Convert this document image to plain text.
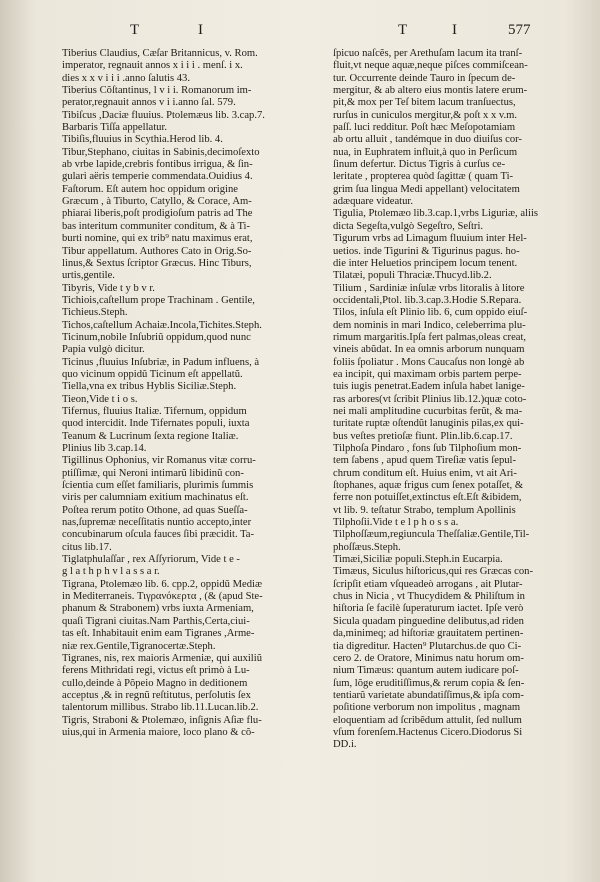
T	I	T	I	577
Tiberius Claudius, Cæſar Britannicus, v. Rom.
imperator, regnauit annos x i i i . menſ. i x.
dies x x v i i i .anno ſalutis 43.
Tiberius Cõſtantinus, l v i i. Romanorum im-
perator,regnauit annos v i i.anno ſal. 579.
Tibiſcus ,Daciæ fluuius. Ptolemæus lib. 3.cap.7.
Barbaris Tiſſa appellatur.
Tibiſis,fluuius in Scythia.Herod lib. 4.
Tibur,Stephano, ciuitas in Sabinis,decimoſexto
ab vrbe lapide,crebris fontibus irrigua, & ſin-
gulari aëris temperie commendata.Ouidius 4.
Faſtorum. Eſt autem hoc oppidum origine
Græcum , à Tiburto, Catyllo, & Corace, Am-
phiarai liberis,poſt prodigioſum patris ad The
bas interitum communiter conditum, & à Ti-
burti nomine, qui ex trib⁹ natu maximus erat,
Tibur appellatum. Authores Cato in Orig.So-
linus,& Sextus ſcriptor Græcus. Hinc Tiburs,
urtis,gentile.
Tibyris, Vide t y b v r.
Tichiois,caſtellum prope Trachinam . Gentile,
Tichieus.Steph.
Tichos,caſtellum Achaiæ.Incola,Tichites.Steph.
Ticinum,nobile Inſubriũ oppidum,quod nunc
Papia vulgò dicitur.
Ticinus ,fluuius Inſubriæ, in Padum influens, à
quo vicinum oppidũ Ticinum eſt appellatũ.
Tiella,vna ex tribus Hyblis Siciliæ.Steph.
Tieon,Vide t i o s.
Tifernus, fluuius Italiæ. Tifernum, oppidum
quod intercidit. Inde Tifernates populi, iuxta
Teanum & Lucrinum ſexta regione Italiæ.
Plinius lib 3.cap.14.
Tigillinus Ophonius, vir Romanus vitæ corru-
ptiſſimæ, qui Neroni intimarũ libidinũ con-
ſcientia cum eſſet familiaris, plurimis ſummis
viris per calumniam exitium machinatus eſt.
Poſtea rerum potito Othone, ad quas Sueſſa-
nas,ſupremæ neceſſitatis nuntio accepto,inter
concubinarum oſcula fauces ſibi præcidit. Ta-
citus lib.17.
Tiglatphulaſſar , rex Aſſyriorum, Vide t e -
g l a t h p h v l a s s a r.
Tigrana, Ptolemæo lib. 6. cpp.2, oppidũ Mediæ
in Mediterraneis. Τιγρανόκερτα , (& (apud Ste-
phanum & Strabonem) vrbs iuxta Armeniam,
quaſi Tigrani ciuitas.Nam Parthis,Certa,ciui-
tas eſt. Inhabitauit enim eam Tigranes ,Arme-
niæ rex.Gentile,Tigranocertæ.Steph.
Tigranes, nis, rex maioris Armeniæ, qui auxiliũ
ferens Mithridati regi, victus eſt primò à Lu-
cullo,deinde à Põpeio Magno in deditionem
acceptus ,& in regnũ reſtitutus, perſolutis ſex
talentorum millibus. Strabo lib.11.Lucan.lib.2.
Tigris, Straboni & Ptolemæo, inſignis Aſiæ flu-
uius,qui in Armenia maiore, loco plano & cõ-
ſpicuo naſcẽs, per Arethuſam lacum ita tranſ-
fluit,vt neque aquæ,neque piſces commiſcean-
tur. Occurrente deinde Tauro in ſpecum de-
mergitur, & ab altero eius montis latere erum-
pit,& mox per Teſ bitem lacum tranſuectus,
rurſus in cuniculos mergitur,& poſt x x v.m.
paſſ. luci redditur. Poſt hæc Meſopotamiam
ab ortu alluit , tandémque in duo diuiſus cor-
nua, in Euphratem influit,à quo in Perſicum
ſinum defertur. Dictus Tigris à curſus ce-
leritate , propterea quòd ſagittæ ( quam Ti-
grim ſua lingua Medi appellant) velocitatem
adæquare videatur.
Tigulia, Ptolemæo lib.3.cap.1,vrbs Liguriæ, aliis
dicta Segeſta,vulgò Segeſtro, Seſtri.
Tigurum vrbs ad Limagum fluuium inter Hel-
uetios. inde Tigurini & Tigurinus pagus. ho-
die inter Heluetios principem locum tenent.
Tilatæi, populi Thraciæ.Thucyd.lib.2.
Tilium , Sardiniæ inſulæ vrbs litoralis à litore
occidentali,Ptol. lib.3.cap.3.Hodie S.Repara.
Tilos, inſula eſt Plinio lib. 6, cum oppido eiuſ-
dem nominis in mari Indico, celeberrima plu-
rimum margaritis.Ipſa fert palmas,oleas creat,
vineis abũdat. In ea omnis arborum nunquam
foliis ſpoliatur . Mons Caucaſus non longè ab
ea incipit, qui maximam orbis partem perpe-
tuis iugis penetrat.Eadem inſula habet lanige-
ras arbores(vt ſcribit Plinius lib.12.)quæ coto-
nei mali amplitudine cucurbitas ferũt, & ma-
turitate ruptæ oſtendũt lanuginis pilas,ex qui-
bus veſtes pretioſæ fiunt. Plin.lib.6.cap.17.
Tilphoſa Pindaro , fons ſub Tilphoſium mon-
tem ſabens , apud quem Tireſiæ vatis ſepul-
chrum conditum eſt. Huius enim, vt ait Ari-
ſtophanes, aquæ frigus cum ſenex potaſſet, &
ferre non potuiſſet,extinctus eſt.Eſt &ibidem,
vt lib. 9. teſtatur Strabo, templum Apollinis
Tilphoſii.Vide t e l p h o s s a.
Tilphoſſæum,regiuncula Theſſaliæ.Gentile,Til-
phoſſæus.Steph.
Timæi,Siciliæ populi.Steph.in Eucarpia.
Timæus, Siculus hiſtoricus,qui res Græcas con-
ſcripſit etiam vſqueadeò arrogans , ait Plutar-
chus in Nicia , vt Thucydidem & Philiſtum in
hiſtoria ſe facilè ſuperaturum iactet. Ipſe verò
Sicula quadam pinguedine delibutus,ad riden
da,minimeq; ad hiſtoriæ grauitatem pertinen-
tia digreditur. Hacten⁹ Plutarchus.de quo Ci-
cero 2. de Oratore, Minimus natu horum om-
nium Timæus: quantum autem iudicare poſ-
ſum, lõge eruditiſſimus,& rerum copia & ſen-
tentiarũ varietate abundatiſſimus,& ipſa com-
poſitione verborum non impolitus , magnam
eloquentiam ad ſcribẽdum attulit, ſed nullum
vſum forenſem.Hactenus Cicero.Diodorus Si
DD.i.
